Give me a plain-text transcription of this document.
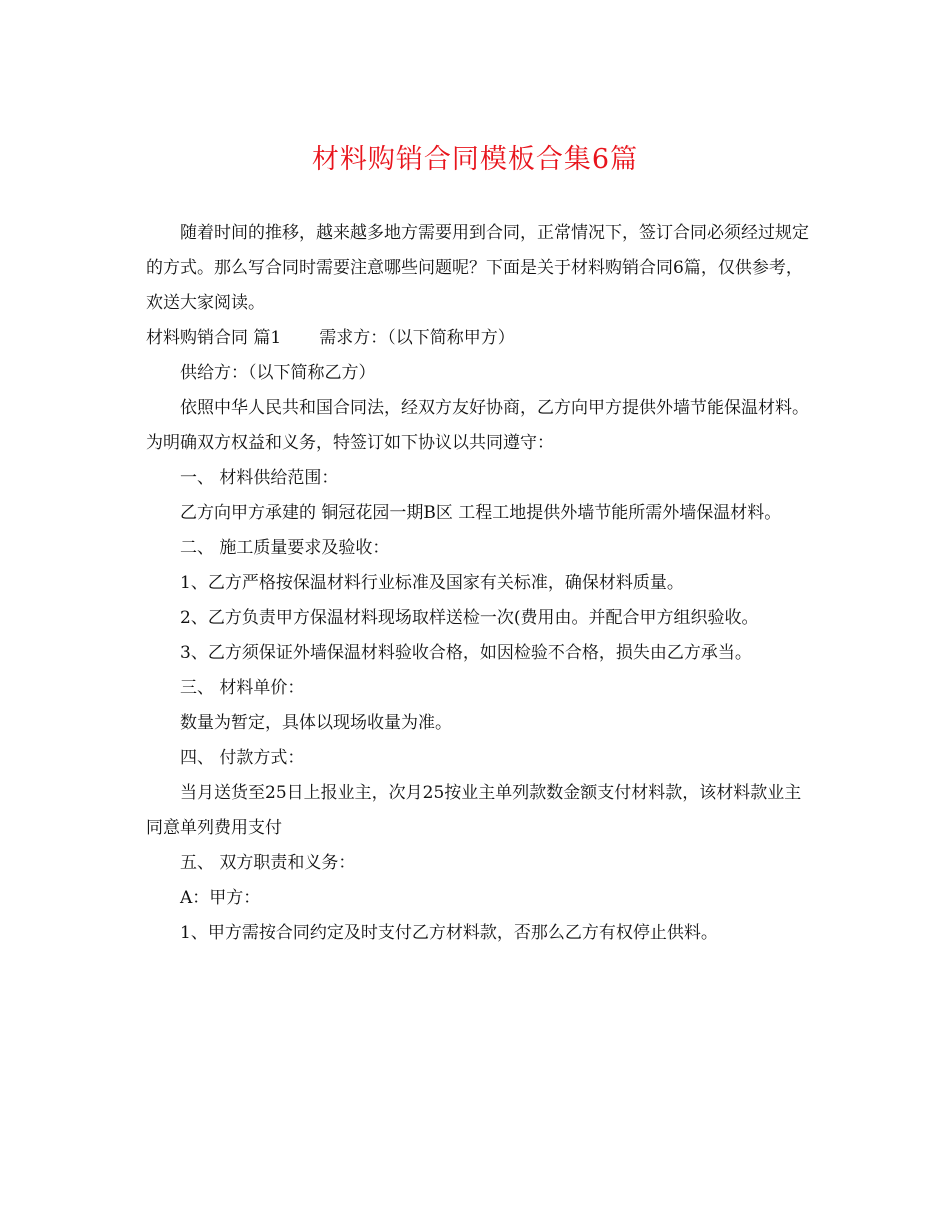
材料购销合同模板合集6篇

随着时间的推移，越来越多地方需要用到合同，正常情况下，签订合同必须经过规定的方式。那么写合同时需要注意哪些问题呢？下面是关于材料购销合同6篇，仅供参考，欢送大家阅读。

材料购销合同 篇1 需求方：（以下简称甲方）

供给方：（以下简称乙方）

依照中华人民共和国合同法，经双方友好协商，乙方向甲方提供外墙节能保温材料。为明确双方权益和义务，特签订如下协议以共同遵守：

一、 材料供给范围：

乙方向甲方承建的 铜冠花园一期B区 工程工地提供外墙节能所需外墙保温材料。

二、 施工质量要求及验收：

1、乙方严格按保温材料行业标准及国家有关标准，确保材料质量。

2、乙方负责甲方保温材料现场取样送检一次(费用由。并配合甲方组织验收。

3、乙方须保证外墙保温材料验收合格，如因检验不合格，损失由乙方承当。

三、 材料单价：

数量为暂定，具体以现场收量为准。

四、 付款方式：

当月送货至25日上报业主，次月25按业主单列款数金额支付材料款，该材料款业主同意单列费用支付

五、 双方职责和义务：

A：甲方：

1、甲方需按合同约定及时支付乙方材料款，否那么乙方有权停止供料。
